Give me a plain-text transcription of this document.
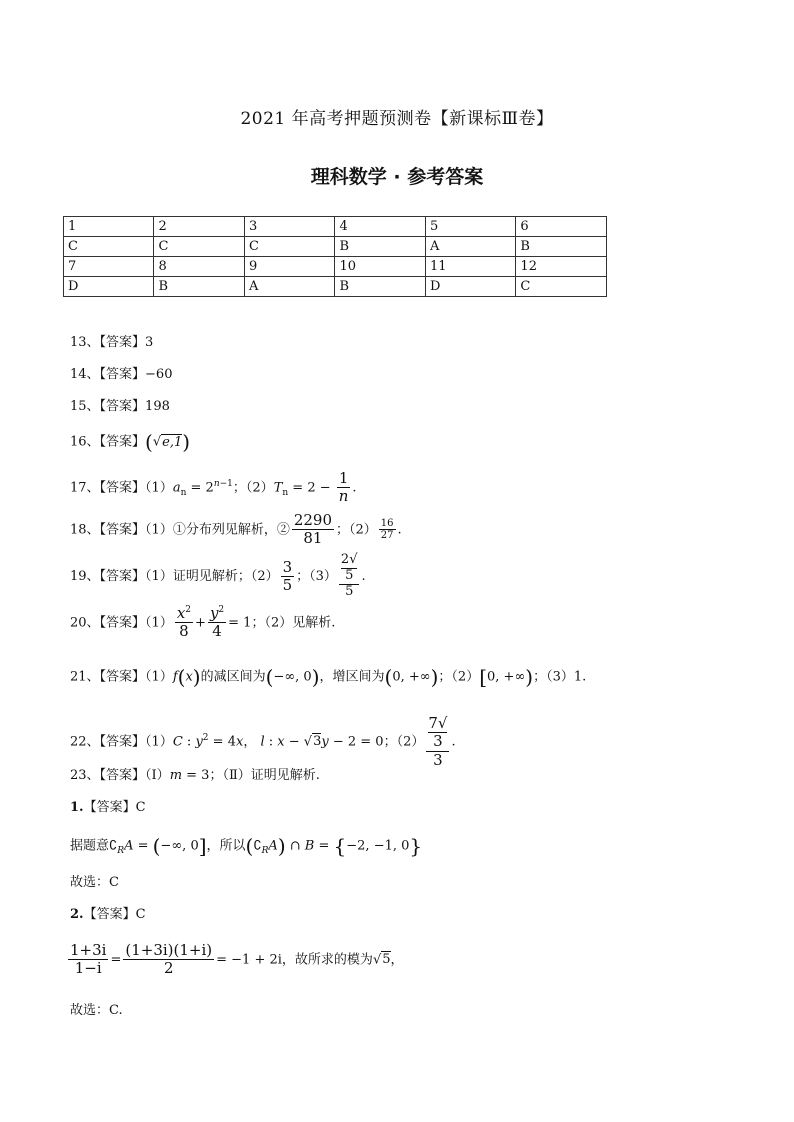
2021 年高考押题预测卷【新课标Ⅲ卷】
理科数学 · 参考答案
1	2	3	4	5	6
C	C	C	B	A	B
7	8	9	10	11	12
D	B	A	B	D	C
13、【答案】3
14、【答案】−60
15、【答案】198
16、【答案】(√e,1)
17、【答案】$(1)a_n = 2^{n-1}$；$(2)T_n = 2 - \frac{1}{n}$ .
18、【答案】（1）①分布列见解析，② $\frac{2290}{81}$ ；$(2) \frac{16}{27}$ .
19、【答案】（1）证明见解析；$(2) \frac{3}{5}$ ；（3） 2√
5
5 .
20、【答案】$(1) \frac{x^2}{8} + \frac{y^2}{4} = 1$；（2）见解析.
21、【答案】（1）f(x)的减区间为(−∞, 0)，增区间为(0, +∞)；（2）[0, +∞)；（3）1.
22、【答案】（1）C : $y^2 = 4x$， l : x − √3y − 2 = 0；（2） 7√
3
3 .
23、【答案】（Ⅰ）m = 3；（Ⅱ）证明见解析.
1.【答案】C
据题意$∁_RA$ = (−∞, 0]，所以$(∁_RA)$ ∩ B = {−2, −1, 0}
故选：C
2.【答案】C
$\frac{1+3i}{1-i} = \frac{(1+3i)(1+i)}{2} = -1 + 2i$，故所求的模为√5，
故选：C.
